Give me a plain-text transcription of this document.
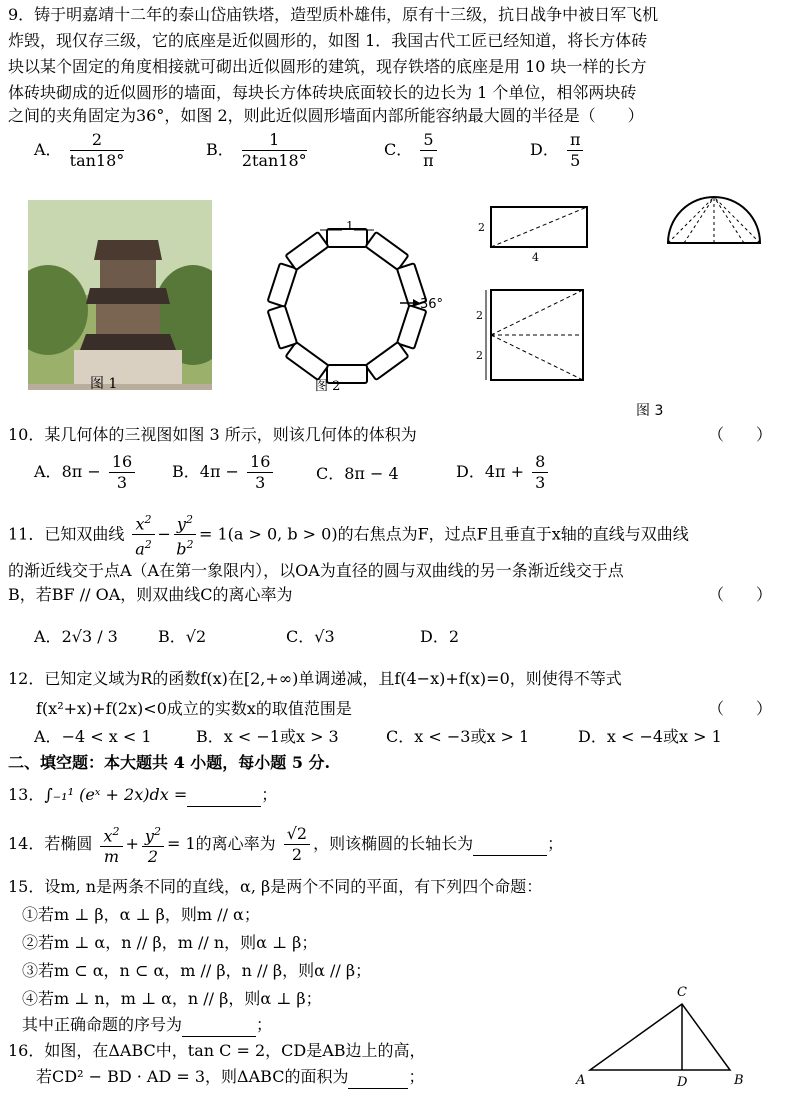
9．铸于明嘉靖十二年的泰山岱庙铁塔，造型质朴雄伟，原有十三级，抗日战争中被日军飞机
炸毁，现仅存三级，它的底座是近似圆形的，如图 1．我国古代工匠已经知道，将长方体砖
块以某个固定的角度相接就可砌出近似圆形的建筑，现存铁塔的底座是用 10 块一样的长方
体砖块砌成的近似圆形的墙面，每块长方体砖块底面较长的边长为 1 个单位，相邻两块砖
之间的夹角固定为36°，如图 2，则此近似圆形墙面内部所能容纳最大圆的半径是（　　）
A． $\frac{2}{\tan 18^\circ}$	B． $\frac{1}{2\tan 18^\circ}$	C． $\frac{5}{\pi}$	D． $\frac{\pi}{5}$
图 1
1
36°
图 2
2
4
2
2
图 3
10．某几何体的三视图如图 3 所示，则该几何体的体积为	（　　）
A．$8\pi - \frac{16}{3}$ B．$4\pi - \frac{16}{3}$	C．8π − 4	D．$4\pi + \frac{8}{3}$
11．已知双曲线 $\frac{x^2}{a^2} - \frac{y^2}{b^2} = 1(a > 0$, b > 0)的右焦点为F，过点F且垂直于x轴的直线与双曲线
的渐近线交于点A（A在第一象限内），以OA为直径的圆与双曲线的另一条渐近线交于点
B，若BF // OA，则双曲线C的离心率为	（　　）
A．2√3 / 3	B．√2	C．√3	D．2
12．已知定义域为R的函数f(x)在[2,+∞)单调递减，且f(4−x)+f(x)=0，则使得不等式
f(x²+x)+f(2x)<0成立的实数x的取值范围是	（　　）
A．−4 < x < 1	B．x < −1或x > 3	C．x < −3或x > 1	D．x < −4或x > 1
二、填空题：本大题共 4 小题，每小题 5 分.
13．∫₋₁¹ (eˣ + 2x)dx =	；
14．若椭圆 $\frac{x^2}{m} + \frac{y^2}{2} = 1$的离心率为 $\frac{√2}{2}$ ，则该椭圆的长轴长为	；
15．设m, n是两条不同的直线，α, β是两个不同的平面，有下列四个命题：
①若m ⊥ β，α ⊥ β，则m // α；
②若m ⊥ α，n // β，m // n，则α ⊥ β；
③若m ⊂ α，n ⊂ α，m // β，n // β，则α // β；
④若m ⊥ n，m ⊥ α，n // β，则α ⊥ β；
其中正确命题的序号为	；
16．如图，在ΔABC中，tan C = 2，CD是AB边上的高，
若CD² − BD · AD = 3，则ΔABC的面积为	；
C
A	D	B
